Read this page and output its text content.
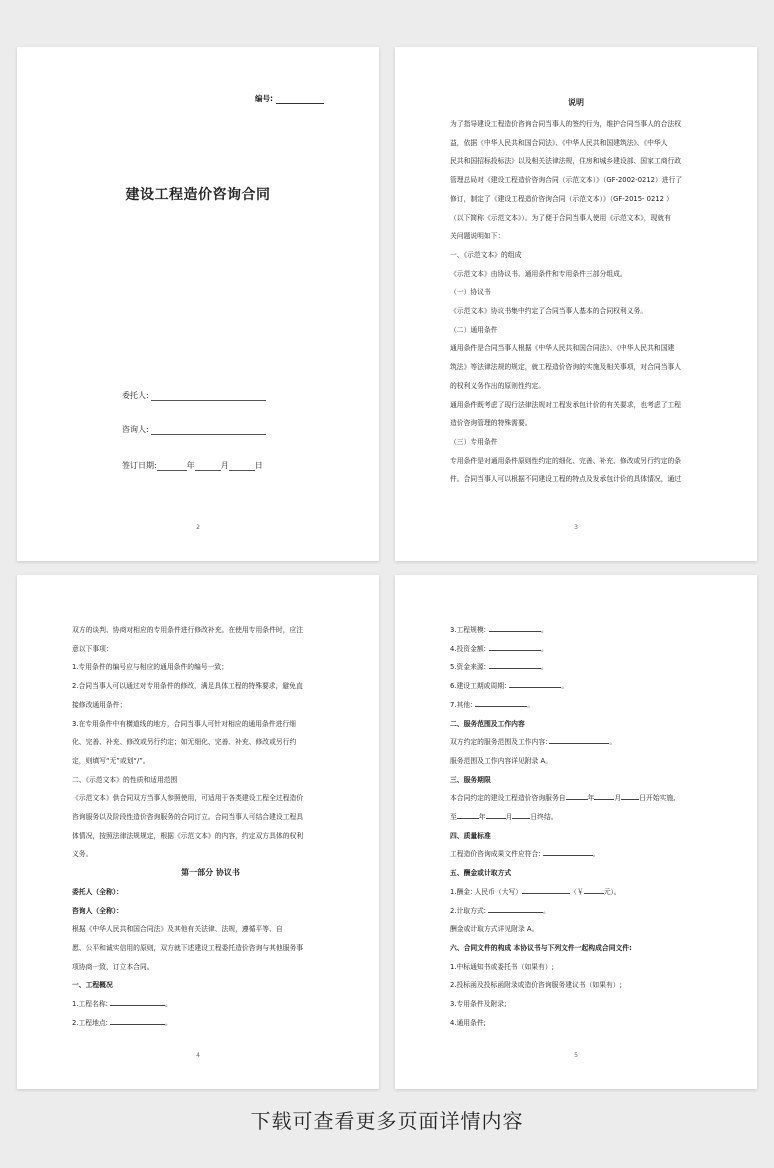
编号:
建设工程造价咨询合同
委托人:
咨询人:
签订日期:	年	月	日
2
说明

为了指导建设工程造价咨询合同当事人的签约行为，维护合同当事人的合法权

益，依据《中华人民共和国合同法》、《中华人民共和国建筑法》、《中华人

民共和国招标投标法》以及相关法律法规，住房和城乡建设部、国家工商行政

管理总局对《建设工程造价咨询合同（示范文本）》（GF-2002-0212）进行了

修订，制定了《建设工程造价咨询合同（示范文本）》（GF-2015- 0212 ）

（以下简称《示范文本》）。为了便于合同当事人使用《示范文本》，现就有

关问题说明如下：

一、《示范文本》的组成

《示范文本》由协议书、通用条件和专用条件三部分组成。

（一）协议书

《示范文本》协议书集中约定了合同当事人基本的合同权利义务。

（二）通用条件

通用条件是合同当事人根据《中华人民共和国合同法》、《中华人民共和国建

筑法》等法律法规的规定，就工程造价咨询的实施及相关事项，对合同当事人

的权利义务作出的原则性约定。

通用条件既考虑了现行法律法规对工程发承包计价的有关要求，也考虑了工程

造价咨询管理的特殊需要。

（三）专用条件

专用条件是对通用条件原则性约定的细化、完善、补充、修改或另行约定的条

件。合同当事人可以根据不同建设工程的特点及发承包计价的具体情况，通过

3

双方的谈判、协商对相应的专用条件进行修改补充。在使用专用条件时，应注

意以下事项：

1.专用条件的编号应与相应的通用条件的编号一致；

2.合同当事人可以通过对专用条件的修改，满足具体工程的特殊要求，避免直

接修改通用条件；

3.在专用条件中有横道线的地方，合同当事人可针对相应的通用条件进行细

化、完善、补充、修改或另行约定；如无细化、完善、补充、修改或另行约

定，则填写“无”或划“/”。

二、《示范文本》的性质和适用范围

《示范文本》供合同双方当事人参照使用，可适用于各类建设工程全过程造价

咨询服务以及阶段性造价咨询服务的合同订立。合同当事人可结合建设工程具

体情况，按照法律法规规定，根据《示范文本》的内容，约定双方具体的权利

义务。

第一部分 协议书

委托人（全称）：

咨询人（全称）：

根据《中华人民共和国合同法》及其他有关法律、法规，遵循平等、自

愿、公平和诚实信用的原则，双方就下述建设工程委托造价咨询与其他服务事

项协商一致，订立本合同。

一、工程概况

1.工程名称:	。

2.工程地点:	。

4

3.工程规模:	。

4.投资金额:	。

5.资金来源:	。

6.建设工期或周期:	。

7.其他:	。

二、服务范围及工作内容

双方约定的服务范围及工作内容:	。

服务范围及工作内容详见附录 A。

三、服务期限

本合同约定的建设工程造价咨询服务自	年	月	日开始实施,

至	年	月	日终结。

四、质量标准

工程造价咨询成果文件应符合:	。

五、酬金或计取方式

1.酬金: 人民币（大写）	（￥	元）。

2.计取方式:	。

酬金或计取方式详见附录 A。

六、合同文件的构成 本协议书与下列文件一起构成合同文件:

1.中标通知书或委托书（如果有）;

2.投标函及投标函附录或造价咨询服务建议书（如果有）;

3.专用条件及附录;

4.通用条件;

5
下载可查看更多页面详情内容
